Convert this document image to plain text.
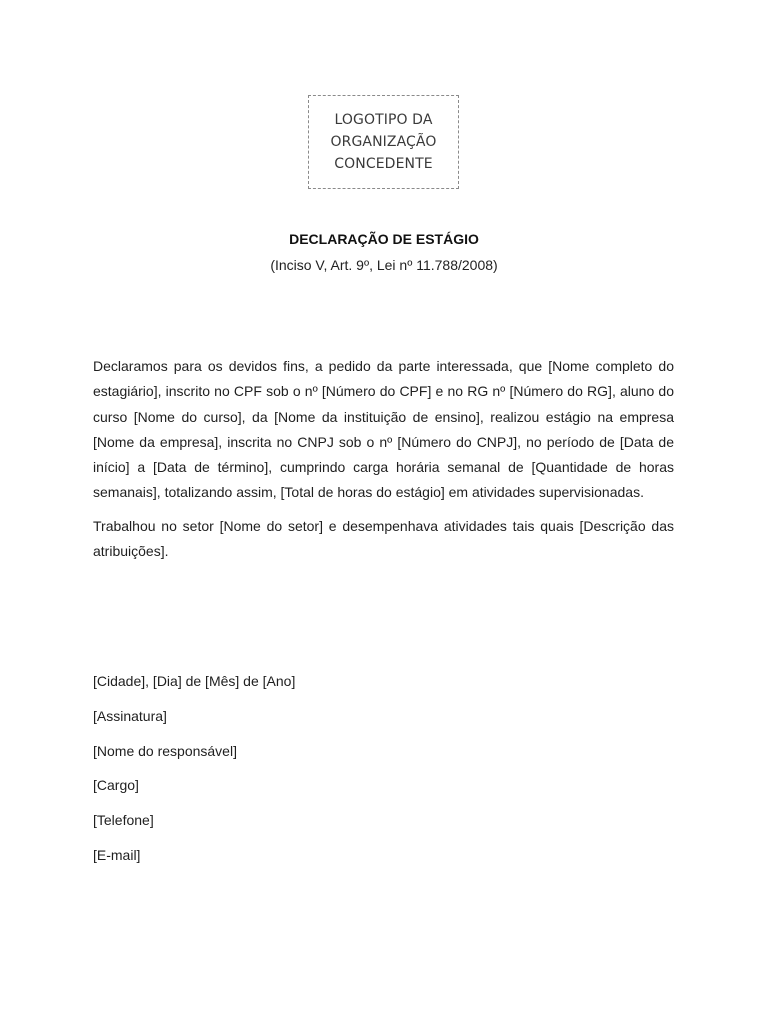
LOGOTIPO DA
ORGANIZAÇÃO
CONCEDENTE
DECLARAÇÃO DE ESTÁGIO
(Inciso V, Art. 9º, Lei nº 11.788/2008)

Declaramos para os devidos fins, a pedido da parte interessada, que [Nome completo do estagiário], inscrito no CPF sob o nº [Número do CPF] e no RG nº [Número do RG], aluno do curso [Nome do curso], da [Nome da instituição de ensino], realizou estágio na empresa [Nome da empresa], inscrita no CNPJ sob o nº [Número do CNPJ], no período de [Data de início] a [Data de término], cumprindo carga horária semanal de [Quantidade de horas semanais], totalizando assim, [Total de horas do estágio] em atividades supervisionadas.

Trabalhou no setor [Nome do setor] e desempenhava atividades tais quais [Descrição das atribuições].

[Cidade], [Dia] de [Mês] de [Ano]
[Assinatura]
[Nome do responsável]
[Cargo]
[Telefone]
[E-mail]
